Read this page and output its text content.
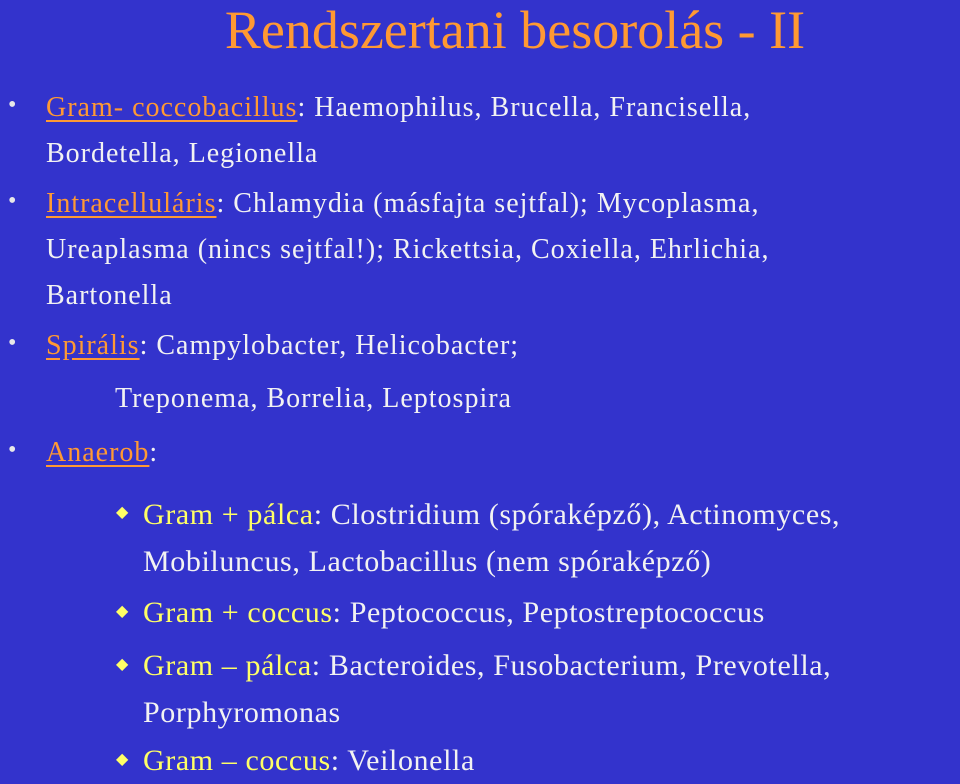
Rendszertani besorolás - II
• Gram- coccobacillus: Haemophilus, Brucella, Francisella,
Bordetella, Legionella
• Intracelluláris: Chlamydia (másfajta sejtfal); Mycoplasma,
Ureaplasma (nincs sejtfal!); Rickettsia, Coxiella, Ehrlichia,
Bartonella
• Spirális: Campylobacter, Helicobacter;
Treponema, Borrelia, Leptospira
• Anaerob:
◆ Gram + pálca: Clostridium (spóraképző), Actinomyces,
Mobiluncus, Lactobacillus (nem spóraképző)
◆ Gram + coccus: Peptococcus, Peptostreptococcus
◆ Gram – pálca: Bacteroides, Fusobacterium, Prevotella,
Porphyromonas
◆ Gram – coccus: Veilonella
